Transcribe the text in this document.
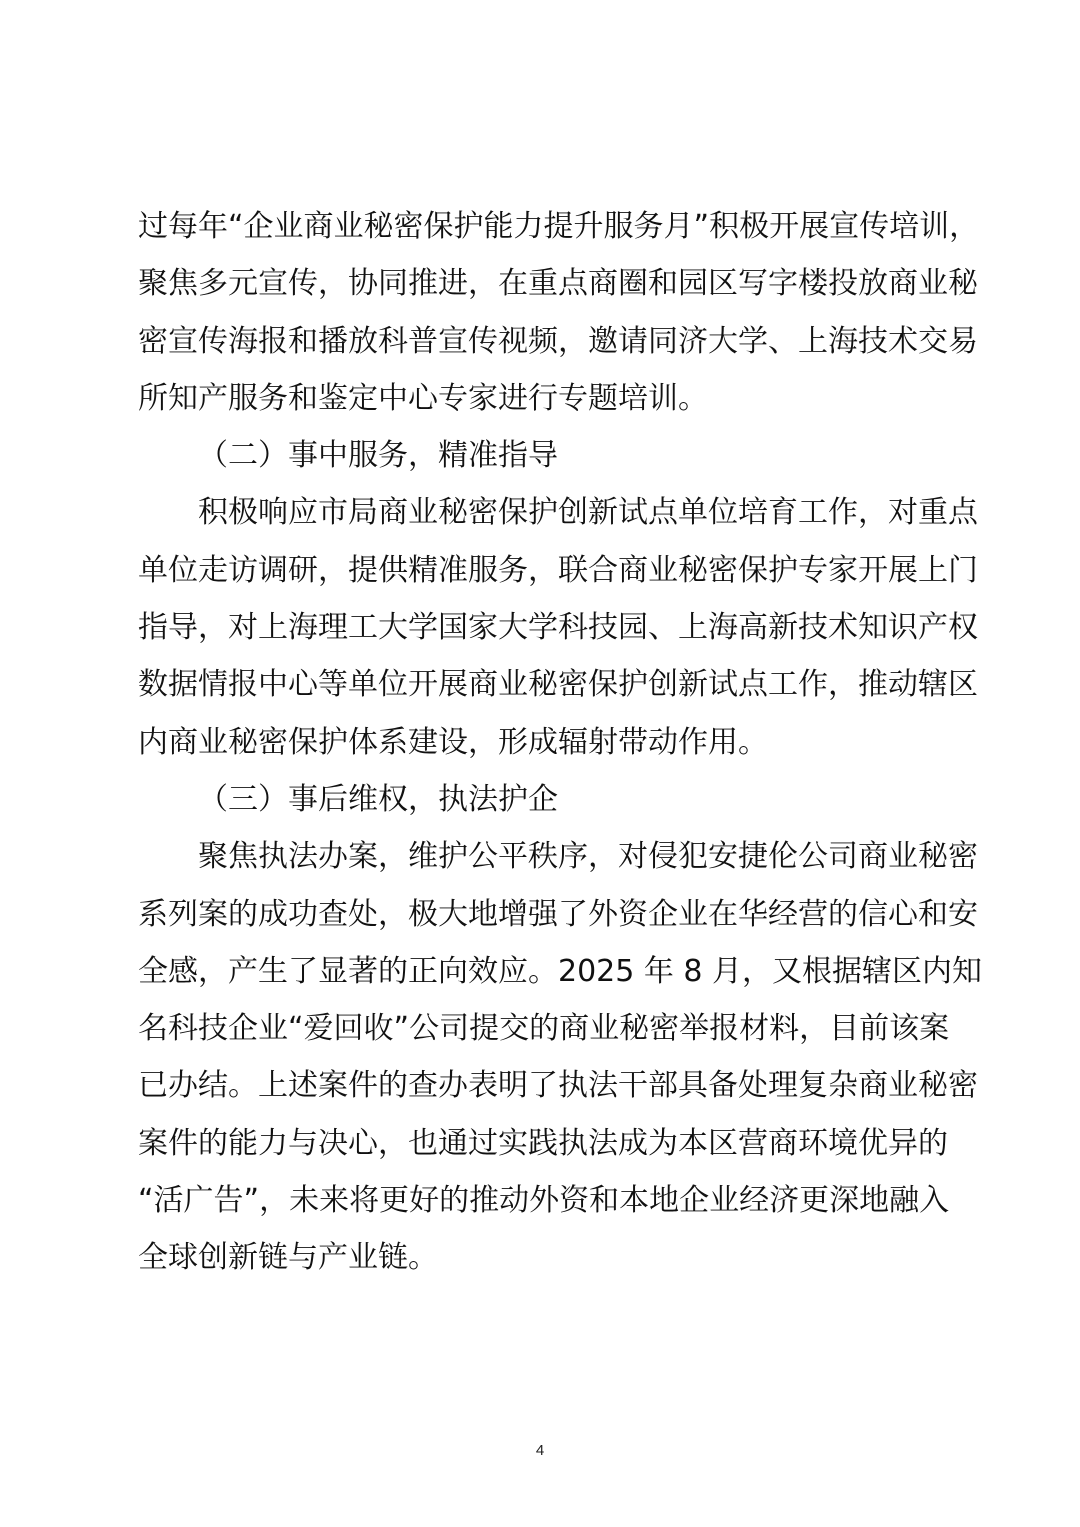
过每年“企业商业秘密保护能力提升服务月”积极开展宣传培训，
聚焦多元宣传，协同推进，在重点商圈和园区写字楼投放商业秘
密宣传海报和播放科普宣传视频，邀请同济大学、上海技术交易
所知产服务和鉴定中心专家进行专题培训。
（二）事中服务，精准指导
积极响应市局商业秘密保护创新试点单位培育工作，对重点
单位走访调研，提供精准服务，联合商业秘密保护专家开展上门
指导，对上海理工大学国家大学科技园、上海高新技术知识产权
数据情报中心等单位开展商业秘密保护创新试点工作，推动辖区
内商业秘密保护体系建设，形成辐射带动作用。
（三）事后维权，执法护企
聚焦执法办案，维护公平秩序，对侵犯安捷伦公司商业秘密
系列案的成功查处，极大地增强了外资企业在华经营的信心和安
全感，产生了显著的正向效应。2025 年 8 月，又根据辖区内知
名科技企业“爱回收”公司提交的商业秘密举报材料，目前该案
已办结。上述案件的查办表明了执法干部具备处理复杂商业秘密
案件的能力与决心，也通过实践执法成为本区营商环境优异的
“活广告”，未来将更好的推动外资和本地企业经济更深地融入
全球创新链与产业链。
4
